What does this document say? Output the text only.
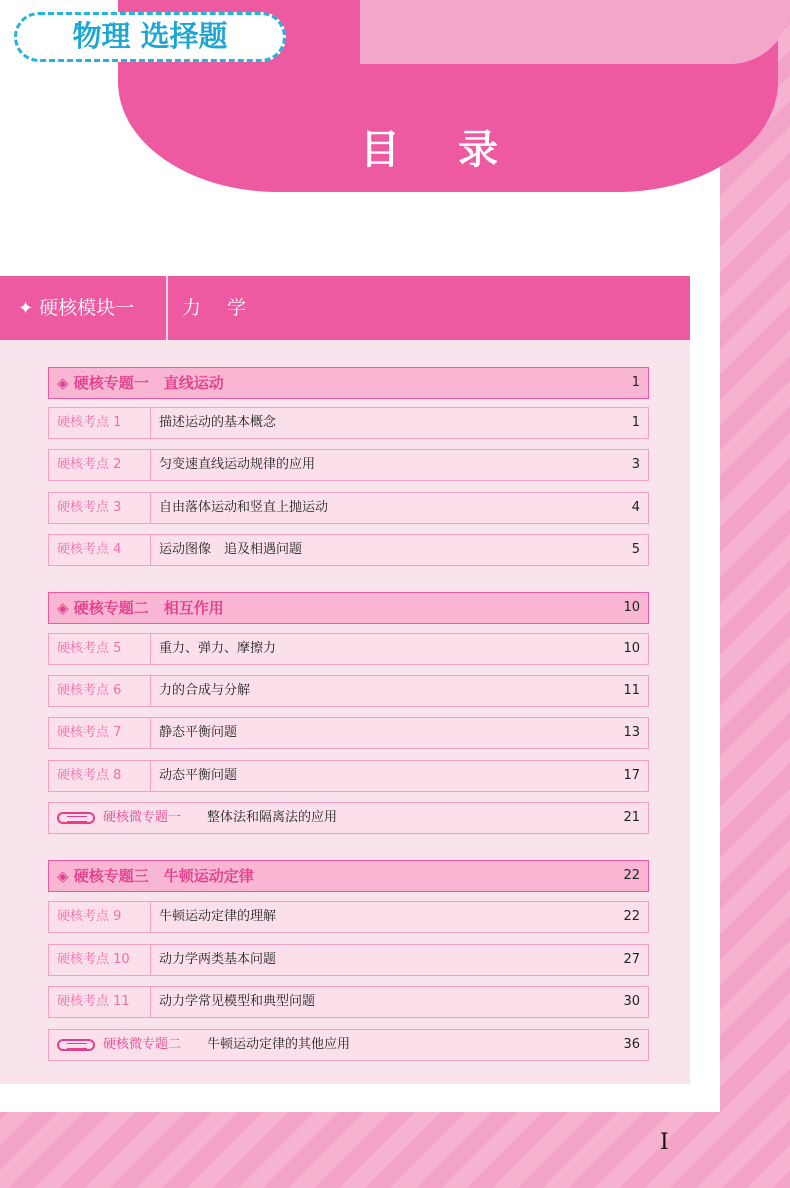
物理 选择题
目 录
✦ 硬核模块一	力 学
◈ 硬核专题一　直线运动	1
硬核考点 1	描述运动的基本概念	1
硬核考点 2	匀变速直线运动规律的应用	3
硬核考点 3	自由落体运动和竖直上抛运动	4
硬核考点 4	运动图像　追及相遇问题	5
◈ 硬核专题二　相互作用	10
硬核考点 5	重力、弹力、摩擦力	10
硬核考点 6	力的合成与分解	11
硬核考点 7	静态平衡问题	13
硬核考点 8	动态平衡问题	17
硬核微专题一 整体法和隔离法的应用	21
◈ 硬核专题三　牛顿运动定律	22
硬核考点 9	牛顿运动定律的理解	22
硬核考点 10	动力学两类基本问题	27
硬核考点 11	动力学常见模型和典型问题	30
硬核微专题二 牛顿运动定律的其他应用	36
I
